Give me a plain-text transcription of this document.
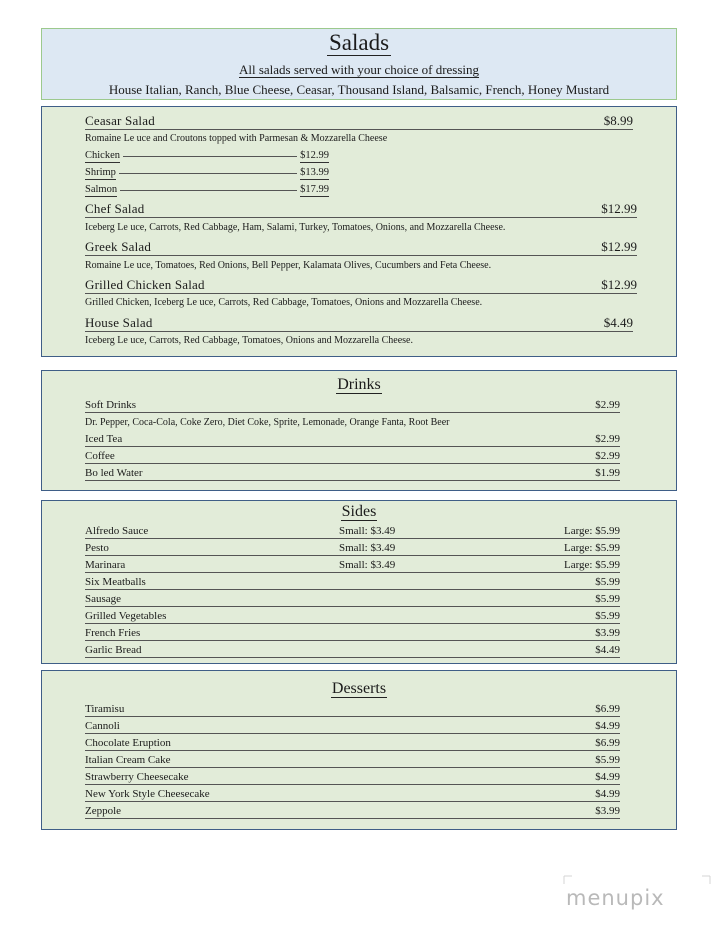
Salads
All salads served with your choice of dressing
House Italian, Ranch, Blue Cheese, Ceasar, Thousand Island, Balsamic, French, Honey Mustard
Ceasar Salad	$8.99
Romaine Le uce and Croutons topped with Parmesan & Mozzarella Cheese
Chicken	$12.99
Shrimp	$13.99
Salmon	$17.99
Chef Salad	$12.99
Iceberg Le uce, Carrots, Red Cabbage, Ham, Salami, Turkey, Tomatoes, Onions, and Mozzarella Cheese.
Greek Salad	$12.99
Romaine Le uce, Tomatoes, Red Onions, Bell Pepper, Kalamata Olives, Cucumbers and Feta Cheese.
Grilled Chicken Salad	$12.99
Grilled Chicken, Iceberg Le uce, Carrots, Red Cabbage, Tomatoes, Onions and Mozzarella Cheese.
House Salad	$4.49
Iceberg Le uce, Carrots, Red Cabbage, Tomatoes, Onions and Mozzarella Cheese.
Drinks
Soft Drinks	$2.99
Dr. Pepper, Coca-Cola, Coke Zero, Diet Coke, Sprite, Lemonade, Orange Fanta, Root Beer
Iced Tea	$2.99
Coffee	$2.99
Bo led Water	$1.99
Sides
Alfredo Sauce	Small: $3.49	Large: $5.99
Pesto	Small: $3.49	Large: $5.99
Marinara	Small: $3.49	Large: $5.99
Six Meatballs	$5.99
Sausage	$5.99
Grilled Vegetables	$5.99
French Fries	$3.99
Garlic Bread	$4.49
Desserts
Tiramisu	$6.99
Cannoli	$4.99
Chocolate Eruption	$6.99
Italian Cream Cake	$5.99
Strawberry Cheesecake	$4.99
New York Style Cheesecake	$4.99
Zeppole	$3.99
menupix
